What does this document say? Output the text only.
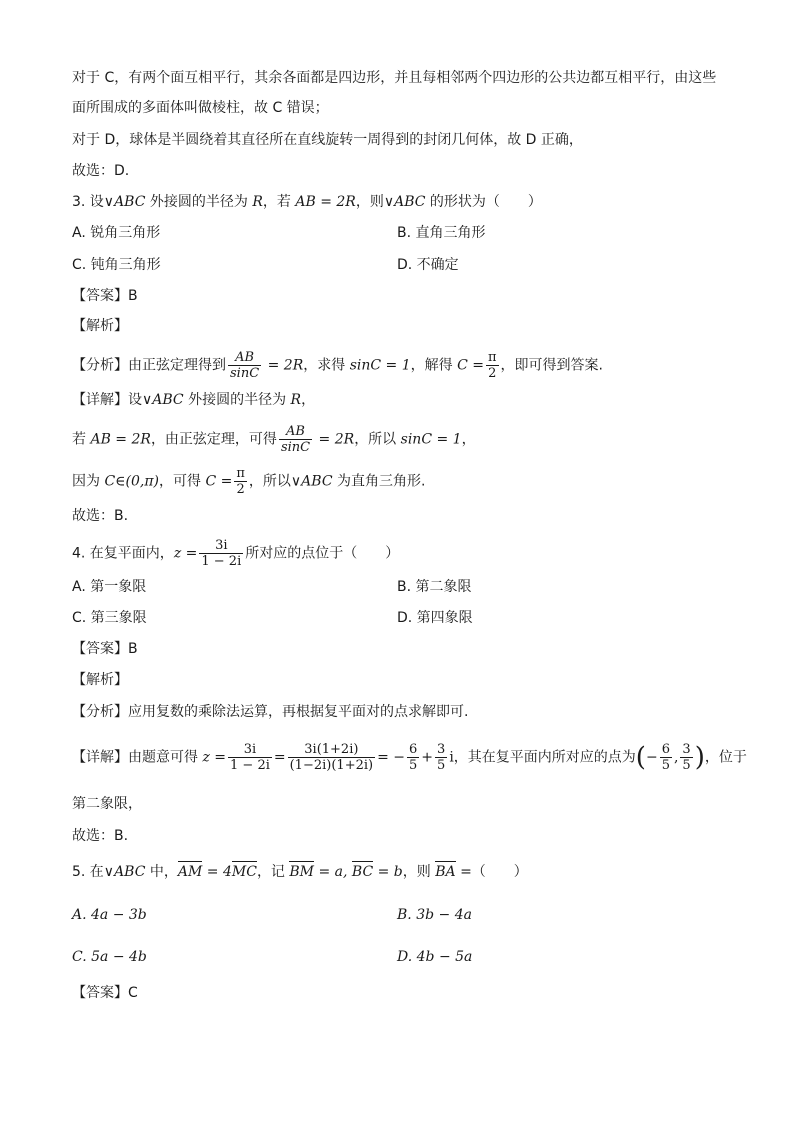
对于 C，有两个面互相平行，其余各面都是四边形，并且每相邻两个四边形的公共边都互相平行，由这些
面所围成的多面体叫做棱柱，故 C 错误；
对于 D，球体是半圆绕着其直径所在直线旋转一周得到的封闭几何体，故 D 正确，
故选：D.
3. 设∨ABC 外接圆的半径为 R，若 AB = 2R，则∨ABC 的形状为（　　）
A. 锐角三角形	B. 直角三角形
C. 钝角三角形	D. 不确定
【答案】B
【解析】
【分析】由正弦定理得到 $\frac{AB}{\sin C} = 2R$，求得 sinC = 1，解得 $C = \frac{\pi}{2}$ ，即可得到答案.
【详解】设∨ABC 外接圆的半径为 R，
若 AB = 2R，由正弦定理，可得 $\frac{AB}{\sin C} = 2R$，所以 sinC = 1，
因为 C∈(0,π)，可得 $C = \frac{\pi}{2}$ ，所以∨ABC 为直角三角形.
故选：B.
4. 在复平面内，$z = \frac{3i}{1 - 2i}$ 所对应的点位于（　　）
A. 第一象限	B. 第二象限
C. 第三象限	D. 第四象限
【答案】B
【解析】
【分析】应用复数的乘除法运算，再根据复平面对的点求解即可.
【详解】由题意可得 $z = \frac{3i}{1 - 2i} = \frac{3i(1+2i)}{(1-2i)(1+2i)}$ = − $\frac{6}{5} + \frac{3}{5}$ i，其在复平面内所对应的点为(− $\frac{6}{5}$ , $\frac{3}{5}$ )，位于
第二象限，
故选：B.
5. 在∨ABC 中，AM = 4MC，记 BM = a, BC = b，则 BA =（　　）
A. 4a − 3b	B. 3b − 4a
C. 5a − 4b	D. 4b − 5a
【答案】C
